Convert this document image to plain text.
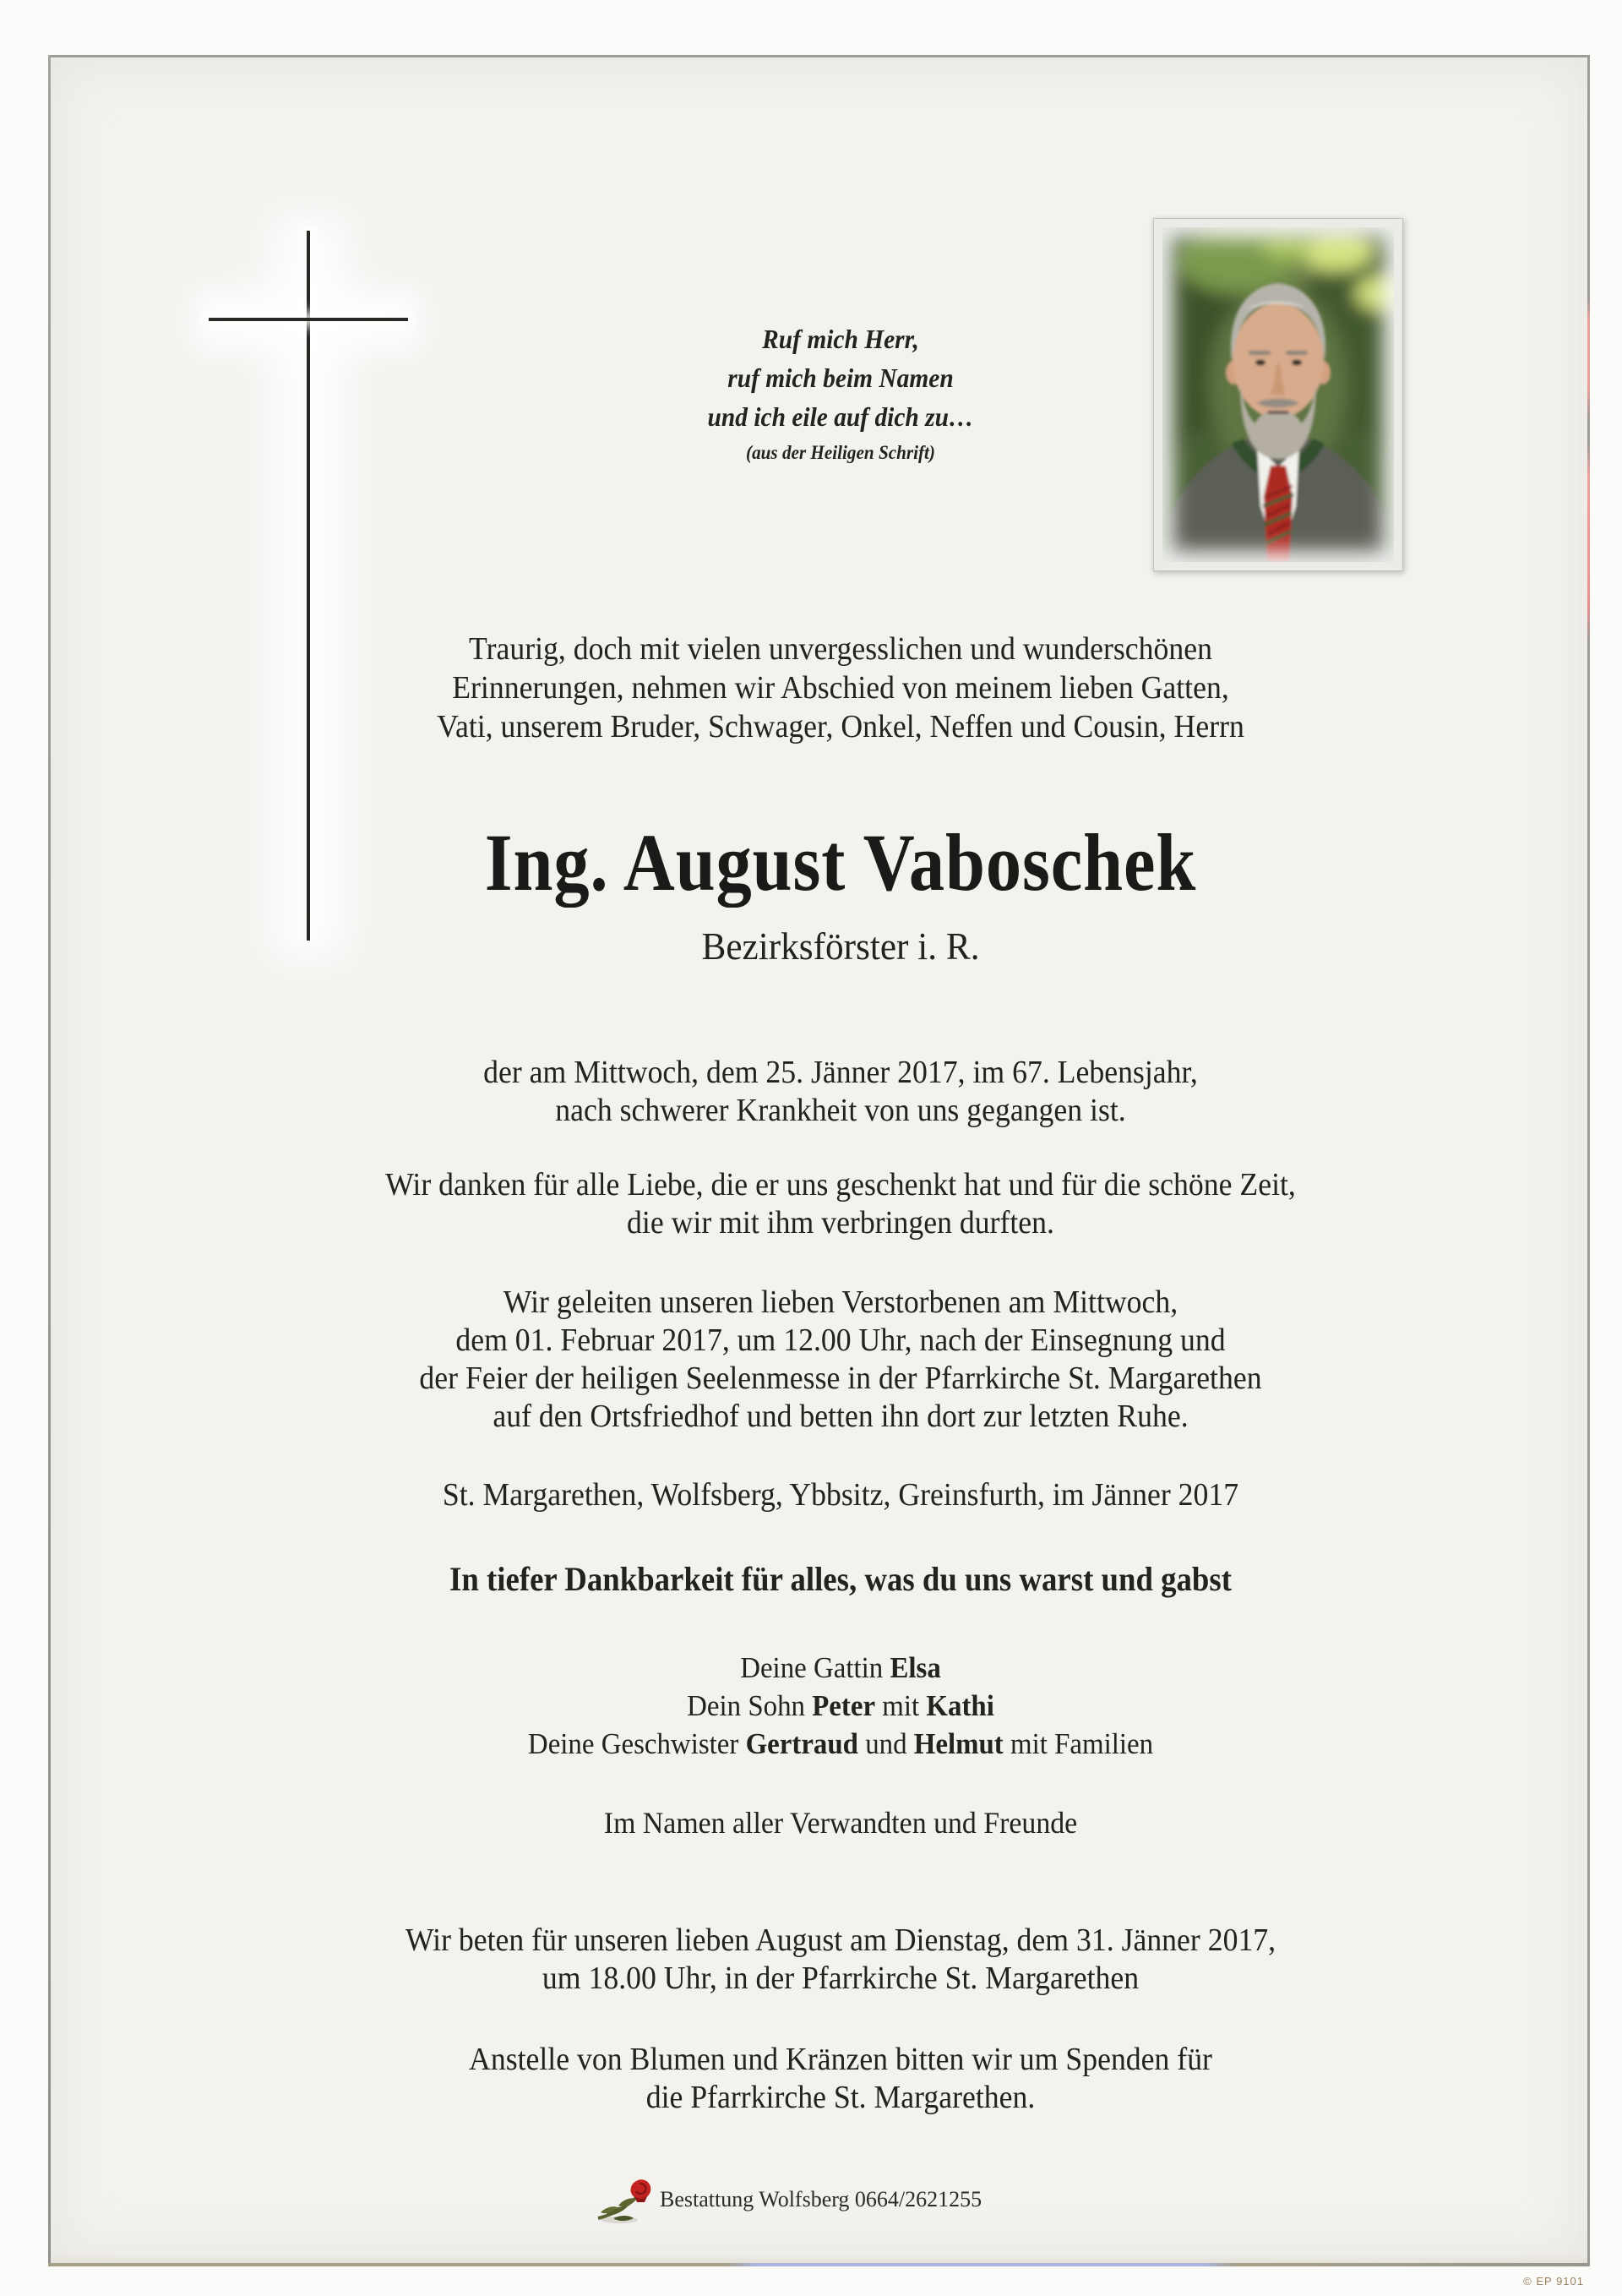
Ruf mich Herr,
ruf mich beim Namen
und ich eile auf dich zu…
(aus der Heiligen Schrift)
Traurig, doch mit vielen unvergesslichen und wunderschönen
Erinnerungen, nehmen wir Abschied von meinem lieben Gatten,
Vati, unserem Bruder, Schwager, Onkel, Neffen und Cousin, Herrn
Ing. August Vaboschek
Bezirksförster i. R.
der am Mittwoch, dem 25. Jänner 2017, im 67. Lebensjahr,
nach schwerer Krankheit von uns gegangen ist.
Wir danken für alle Liebe, die er uns geschenkt hat und für die schöne Zeit,
die wir mit ihm verbringen durften.
Wir geleiten unseren lieben Verstorbenen am Mittwoch,
dem 01. Februar 2017, um 12.00 Uhr, nach der Einsegnung und
der Feier der heiligen Seelenmesse in der Pfarrkirche St. Margarethen
auf den Ortsfriedhof und betten ihn dort zur letzten Ruhe.
St. Margarethen, Wolfsberg, Ybbsitz, Greinsfurth, im Jänner 2017
In tiefer Dankbarkeit für alles, was du uns warst und gabst
Deine Gattin Elsa
Dein Sohn Peter mit Kathi
Deine Geschwister Gertraud und Helmut mit Familien
Im Namen aller Verwandten und Freunde
Wir beten für unseren lieben August am Dienstag, dem 31. Jänner 2017,
um 18.00 Uhr, in der Pfarrkirche St. Margarethen
Anstelle von Blumen und Kränzen bitten wir um Spenden für
die Pfarrkirche St. Margarethen.
Bestattung Wolfsberg 0664/2621255
© EP 9101
